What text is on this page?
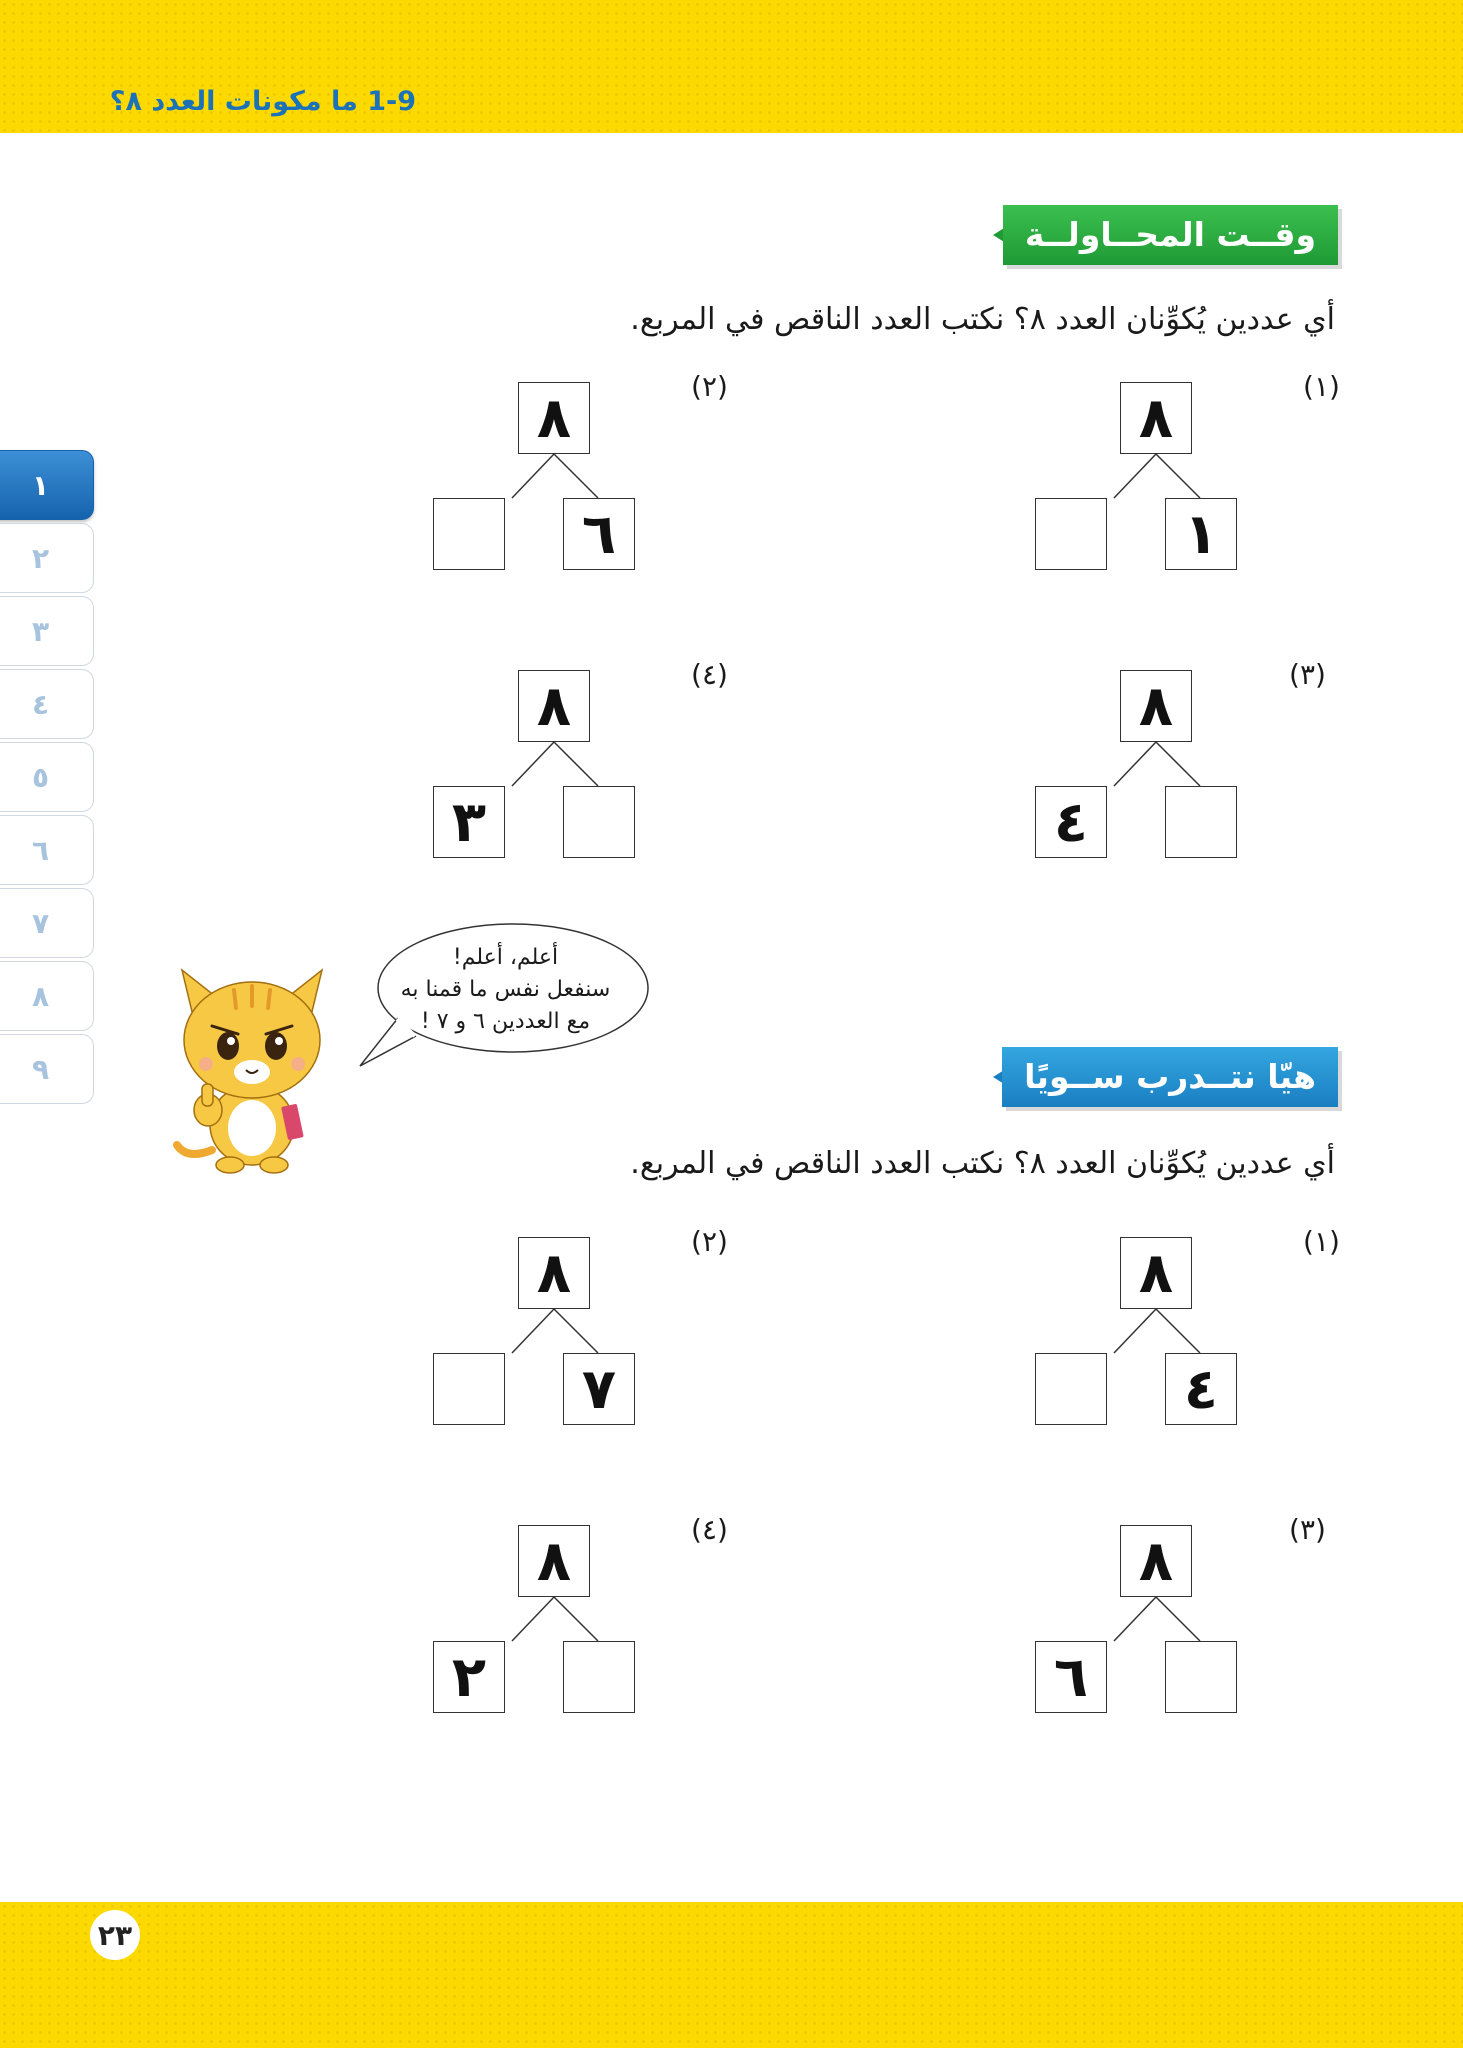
1-9 ما مكونات العدد ٨؟
وقــت المحــاولــة
أي عددين يُكوِّنان العدد ٨؟ نكتب العدد الناقص في المربع.
(١)
٨
١
(٢)
٨
٦
(٣)
٨
٤
(٤)
٨
٣
١
٢
٣
٤
٥
٦
٧
٨
٩
أعلم، أعلم!
سنفعل نفس ما قمنا به
مع العددين ٦ و ٧ !
هيّا نتــدرب ســويًا
أي عددين يُكوِّنان العدد ٨؟ نكتب العدد الناقص في المربع.
(١)
٨
٤
(٢)
٨
٧
(٣)
٨
٦
(٤)
٨
٢
٢٣
